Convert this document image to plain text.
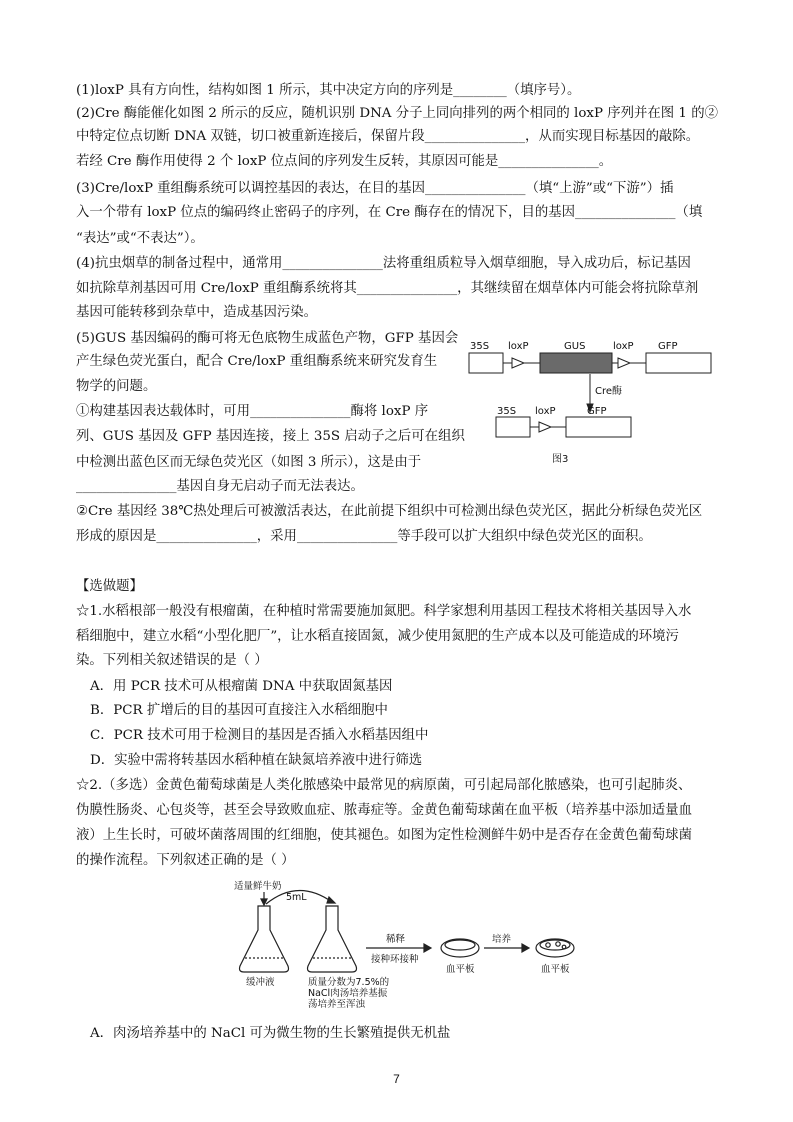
(1)loxP 具有方向性，结构如图 1 所示，其中决定方向的序列是________（填序号）。
(2)Cre 酶能催化如图 2 所示的反应，随机识别 DNA 分子上同向排列的两个相同的 loxP 序列并在图 1 的②
中特定位点切断 DNA 双链，切口被重新连接后，保留片段_______________，从而实现目标基因的敲除。
若经 Cre 酶作用使得 2 个 loxP 位点间的序列发生反转，其原因可能是_______________。
(3)Cre/loxP 重组酶系统可以调控基因的表达，在目的基因_______________（填“上游”或“下游”）插
入一个带有 loxP 位点的编码终止密码子的序列，在 Cre 酶存在的情况下，目的基因_______________（填
“表达”或“不表达”）。
(4)抗虫烟草的制备过程中，通常用_______________法将重组质粒导入烟草细胞，导入成功后，标记基因
如抗除草剂基因可用 Cre/loxP 重组酶系统将其_______________，其继续留在烟草体内可能会将抗除草剂
基因可能转移到杂草中，造成基因污染。
(5)GUS 基因编码的酶可将无色底物生成蓝色产物，GFP 基因会
产生绿色荧光蛋白，配合 Cre/loxP 重组酶系统来研究发育生
物学的问题。
①构建基因表达载体时，可用_______________酶将 loxP 序
列、GUS 基因及 GFP 基因连接，接上 35S 启动子之后可在组织
中检测出蓝色区而无绿色荧光区（如图 3 所示），这是由于
_______________基因自身无启动子而无法表达。
②Cre 基因经 38℃热处理后可被激活表达，在此前提下组织中可检测出绿色荧光区，据此分析绿色荧光区
形成的原因是_______________，采用_______________等手段可以扩大组织中绿色荧光区的面积。
【选做题】
☆1.水稻根部一般没有根瘤菌，在种植时常需要施加氮肥。科学家想利用基因工程技术将相关基因导入水
稻细胞中，建立水稻“小型化肥厂”，让水稻直接固氮，减少使用氮肥的生产成本以及可能造成的环境污
染。下列相关叙述错误的是（ ）
A．用 PCR 技术可从根瘤菌 DNA 中获取固氮基因
B．PCR 扩增后的目的基因可直接注入水稻细胞中
C．PCR 技术可用于检测目的基因是否插入水稻基因组中
D．实验中需将转基因水稻种植在缺氮培养液中进行筛选
☆2.（多选）金黄色葡萄球菌是人类化脓感染中最常见的病原菌，可引起局部化脓感染，也可引起肺炎、
伪膜性肠炎、心包炎等，甚至会导致败血症、脓毒症等。金黄色葡萄球菌在血平板（培养基中添加适量血
液）上生长时，可破坏菌落周围的红细胞，使其褪色。如图为定性检测鲜牛奶中是否存在金黄色葡萄球菌
的操作流程。下列叙述正确的是（ ）
A．肉汤培养基中的 NaCl 可为微生物的生长繁殖提供无机盐
35S loxP	GUS	loxP GFP
Cre酶
35S loxP	GFP
图3
适量鲜牛奶
5mL
缓冲液	质量分数为7.5%的
NaCl肉汤培养基振
荡培养至浑浊
稀释
接种环接种
培养
血平板	血平板
7
